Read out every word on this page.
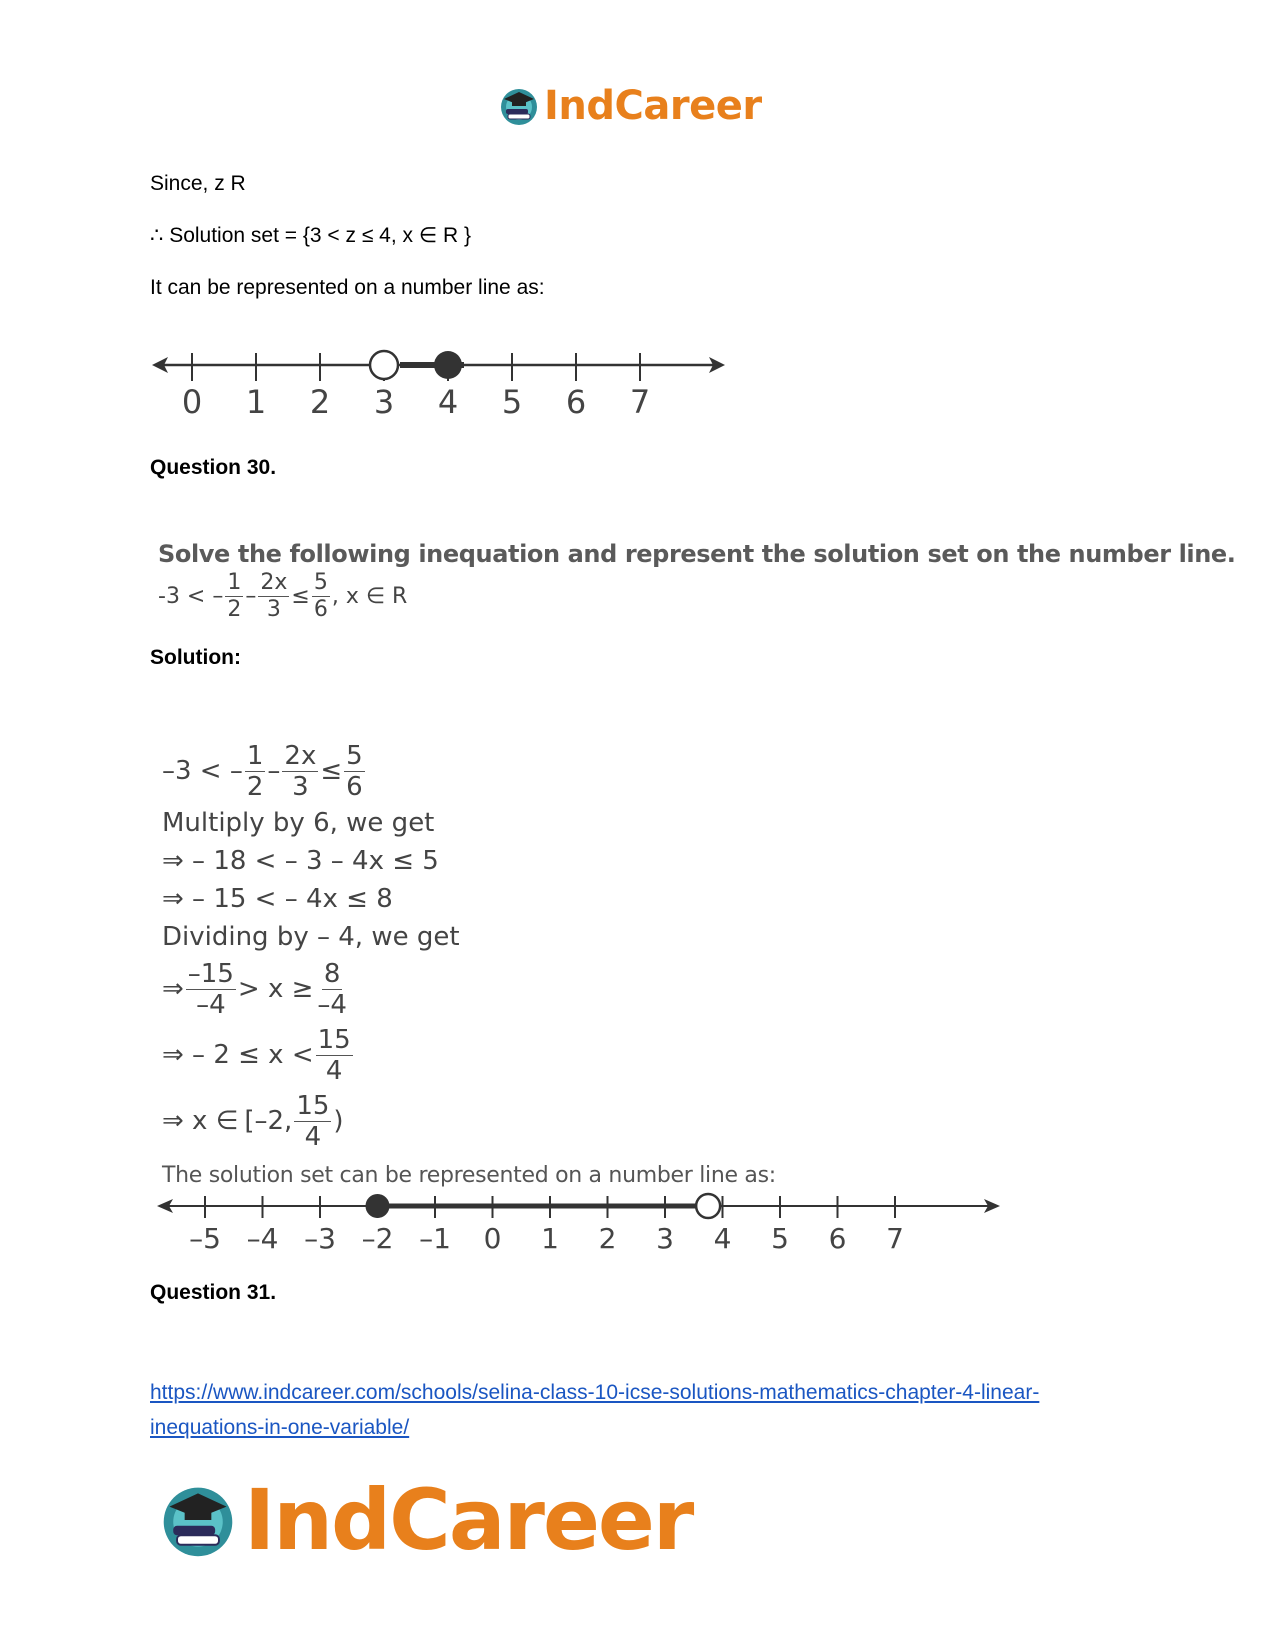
IndCareer
Since, z R
∴ Solution set = {3 < z ≤ 4, x ∈ R }
It can be represented on a number line as:
0 1 2 3 4 5 6 7
Question 30.
Solve the following inequation and represent the solution set on the number line.
-3 < – $\frac{1}{2} - \frac{2x}{3} \le \frac{5}{6}$ , x ∈ R
Solution:
–3 < – $\frac{1}{2} - \frac{2x}{3} \le \frac{5}{6}$
Multiply by 6, we get
⇒ – 18 < – 3 – 4x ≤ 5
⇒ – 15 < – 4x ≤ 8
Dividing by – 4, we get
⇒ $\frac{-15}{-4} > x \ge \frac{8}{-4}$
⇒ – $2 \le x < \frac{15}{4}$
⇒ x ∈ [–2, $\frac{15}{4}$ )
The solution set can be represented on a number line as:
–5 –4 –3 –2 –1 0 1 2 3 4 5 6 7
Question 31.
https://www.indcareer.com/schools/selina-class-10-icse-solutions-mathematics-chapter-4-linear-inequations-in-one-variable/
IndCareer
